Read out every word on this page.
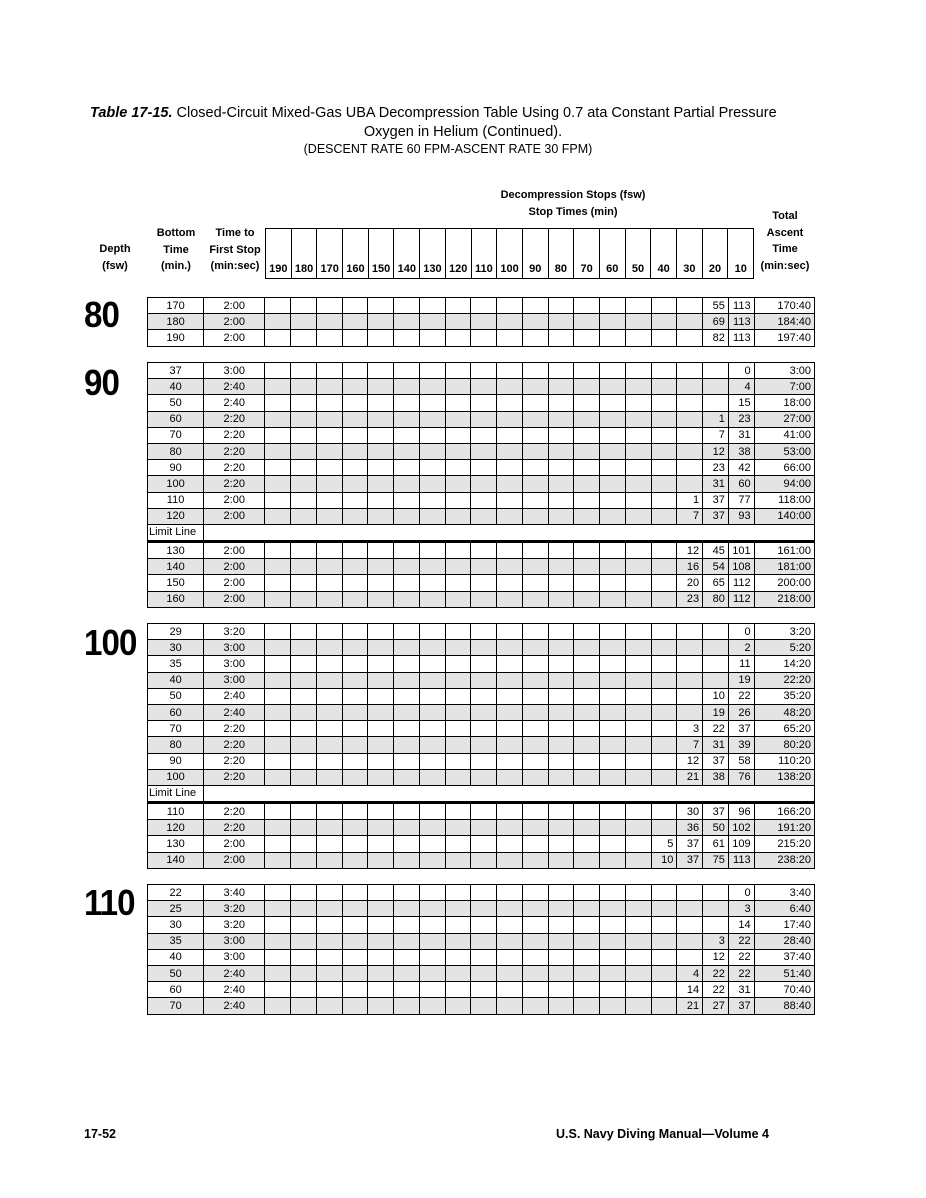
Table 17-15. Closed-Circuit Mixed-Gas UBA Decompression Table Using 0.7 ata Constant Partial Pressure
Oxygen in Helium (Continued).
(DESCENT RATE 60 FPM-ASCENT RATE 30 FPM)
Depth
(fsw)
Bottom
Time
(min.)
Time to
First Stop
(min:sec)
Decompression Stops (fsw)
Stop Times (min)	Total
Ascent
Time
(min:sec)
190 180 170 160 150 140 130 120 110 100 90	80	70	60	50	40	30	20	10
80
90
100
110
170	2:00																		55	113	170:40
180	2:00																		69	113	184:40
190	2:00																		82	113	197:40
37	3:00																			0	3:00
40	2:40																			4	7:00
50	2:40																			15	18:00
60	2:20																		1	23	27:00
70	2:20																		7	31	41:00
80	2:20																		12	38	53:00
90	2:20																		23	42	66:00
100	2:20																		31	60	94:00
110	2:00																	1	37	77	118:00
120	2:00																	7	37	93	140:00
Limit Line																					
130	2:00																	12	45	101	161:00
140	2:00																	16	54	108	181:00
150	2:00																	20	65	112	200:00
160	2:00																	23	80	112	218:00
29	3:20																			0	3:20
30	3:00																			2	5:20
35	3:00																			11	14:20
40	3:00																			19	22:20
50	2:40																		10	22	35:20
60	2:40																		19	26	48:20
70	2:20																	3	22	37	65:20
80	2:20																	7	31	39	80:20
90	2:20																	12	37	58	110:20
100	2:20																	21	38	76	138:20
Limit Line																					
110	2:20																	30	37	96	166:20
120	2:20																	36	50	102	191:20
130	2:00																5	37	61	109	215:20
140	2:00																10	37	75	113	238:20
22	3:40																			0	3:40
25	3:20																			3	6:40
30	3:20																			14	17:40
35	3:00																		3	22	28:40
40	3:00																		12	22	37:40
50	2:40																	4	22	22	51:40
60	2:40																	14	22	31	70:40
70	2:40																	21	27	37	88:40
17-52	U.S. Navy Diving Manual—Volume 4
